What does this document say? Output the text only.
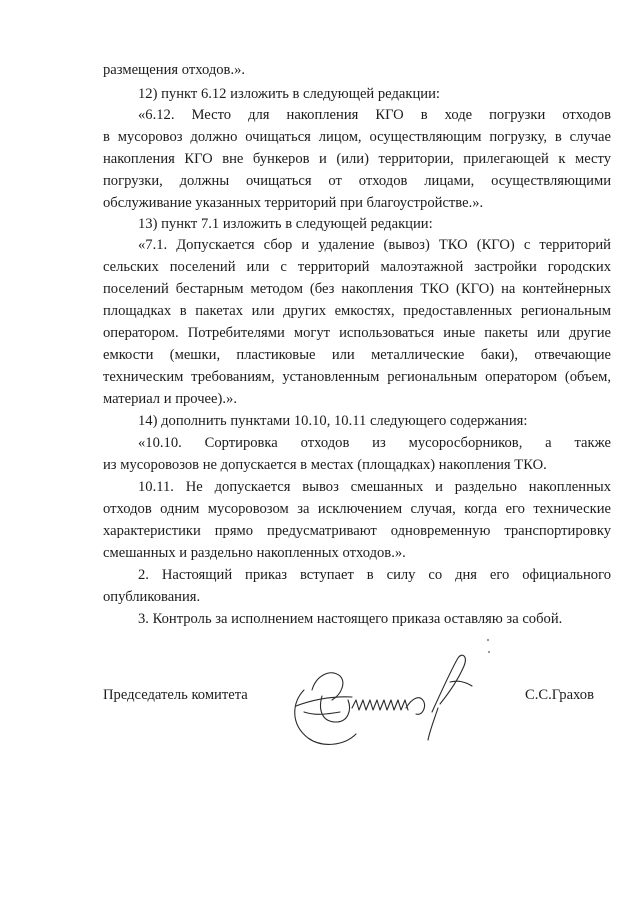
размещения отходов.».
12) пункт 6.12 изложить в следующей редакции:
«6.12. Место для накопления КГО в ходе погрузки отходов
в мусоровоз должно очищаться лицом, осуществляющим погрузку, в случае
накопления КГО вне бункеров и (или) территории, прилегающей к месту
погрузки, должны очищаться от отходов лицами, осуществляющими
обслуживание указанных территорий при благоустройстве.».
13) пункт 7.1 изложить в следующей редакции:
«7.1. Допускается сбор и удаление (вывоз) ТКО (КГО) с территорий
сельских поселений или с территорий малоэтажной застройки городских
поселений бестарным методом (без накопления ТКО (КГО) на контейнерных
площадках в пакетах или других емкостях, предоставленных региональным
оператором. Потребителями могут использоваться иные пакеты или другие
емкости (мешки, пластиковые или металлические баки), отвечающие
техническим требованиям, установленным региональным оператором (объем,
материал и прочее).».
14) дополнить пунктами 10.10, 10.11 следующего содержания:
«10.10. Сортировка отходов из мусоросборников, а также
из мусоровозов не допускается в местах (площадках) накопления ТКО.
10.11. Не допускается вывоз смешанных и раздельно накопленных
отходов одним мусоровозом за исключением случая, когда его технические
характеристики прямо предусматривают одновременную транспортировку
смешанных и раздельно накопленных отходов.».
2. Настоящий приказ вступает в силу со дня его официального
опубликования.
3. Контроль за исполнением настоящего приказа оставляю за собой.
Председатель комитета	С.С.Грахов
